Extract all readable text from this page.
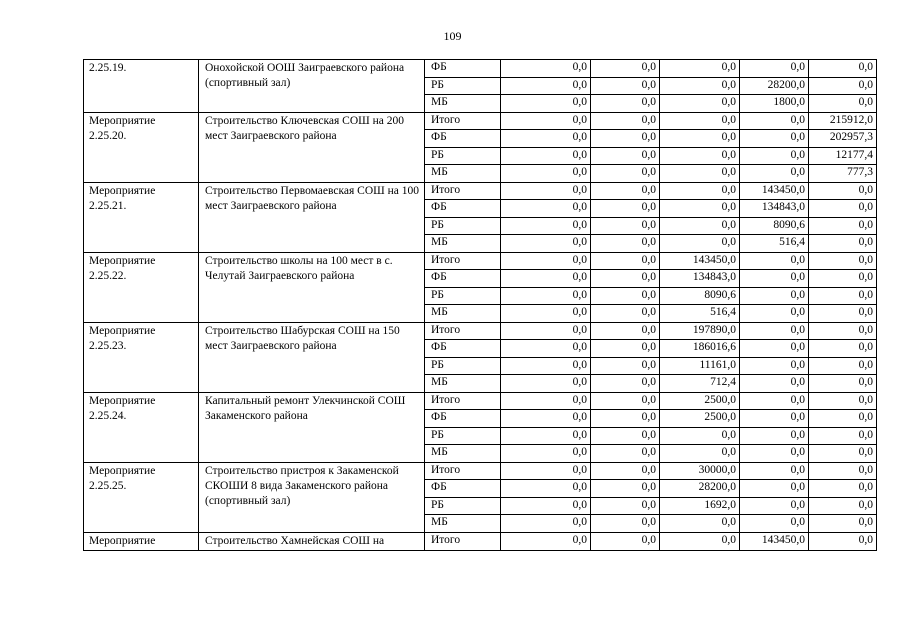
109
2.25.19.	Онохойской ООШ Заиграевского района (спортивный зал)	ФБ	0,0	0,0	0,0	0,0	0,0
		РБ	0,0	0,0	0,0	28200,0	0,0
		МБ	0,0	0,0	0,0	1800,0	0,0
Мероприятие 2.25.20.	Строительство Ключевская СОШ на 200 мест Заиграевского района	Итого	0,0	0,0	0,0	0,0	215912,0
		ФБ	0,0	0,0	0,0	0,0	202957,3
		РБ	0,0	0,0	0,0	0,0	12177,4
		МБ	0,0	0,0	0,0	0,0	777,3
Мероприятие 2.25.21.	Строительство Первомаевская СОШ на 100 мест Заиграевского района	Итого	0,0	0,0	0,0	143450,0	0,0
		ФБ	0,0	0,0	0,0	134843,0	0,0
		РБ	0,0	0,0	0,0	8090,6	0,0
		МБ	0,0	0,0	0,0	516,4	0,0
Мероприятие 2.25.22.	Строительство школы на 100 мест в с. Челутай Заиграевского района	Итого	0,0	0,0	143450,0	0,0	0,0
		ФБ	0,0	0,0	134843,0	0,0	0,0
		РБ	0,0	0,0	8090,6	0,0	0,0
		МБ	0,0	0,0	516,4	0,0	0,0
Мероприятие 2.25.23.	Строительство Шабурская СОШ на 150 мест Заиграевского района	Итого	0,0	0,0	197890,0	0,0	0,0
		ФБ	0,0	0,0	186016,6	0,0	0,0
		РБ	0,0	0,0	11161,0	0,0	0,0
		МБ	0,0	0,0	712,4	0,0	0,0
Мероприятие 2.25.24.	Капитальный ремонт Улекчинской СОШ Закаменского района	Итого	0,0	0,0	2500,0	0,0	0,0
		ФБ	0,0	0,0	2500,0	0,0	0,0
		РБ	0,0	0,0	0,0	0,0	0,0
		МБ	0,0	0,0	0,0	0,0	0,0
Мероприятие 2.25.25.	Строительство пристроя к Закаменской СКОШИ 8 вида Закаменского района (спортивный зал)	Итого	0,0	0,0	30000,0	0,0	0,0
		ФБ	0,0	0,0	28200,0	0,0	0,0
		РБ	0,0	0,0	1692,0	0,0	0,0
		МБ	0,0	0,0	0,0	0,0	0,0
Мероприятие	Строительство Хамнейская СОШ на	Итого	0,0	0,0	0,0	143450,0	0,0
